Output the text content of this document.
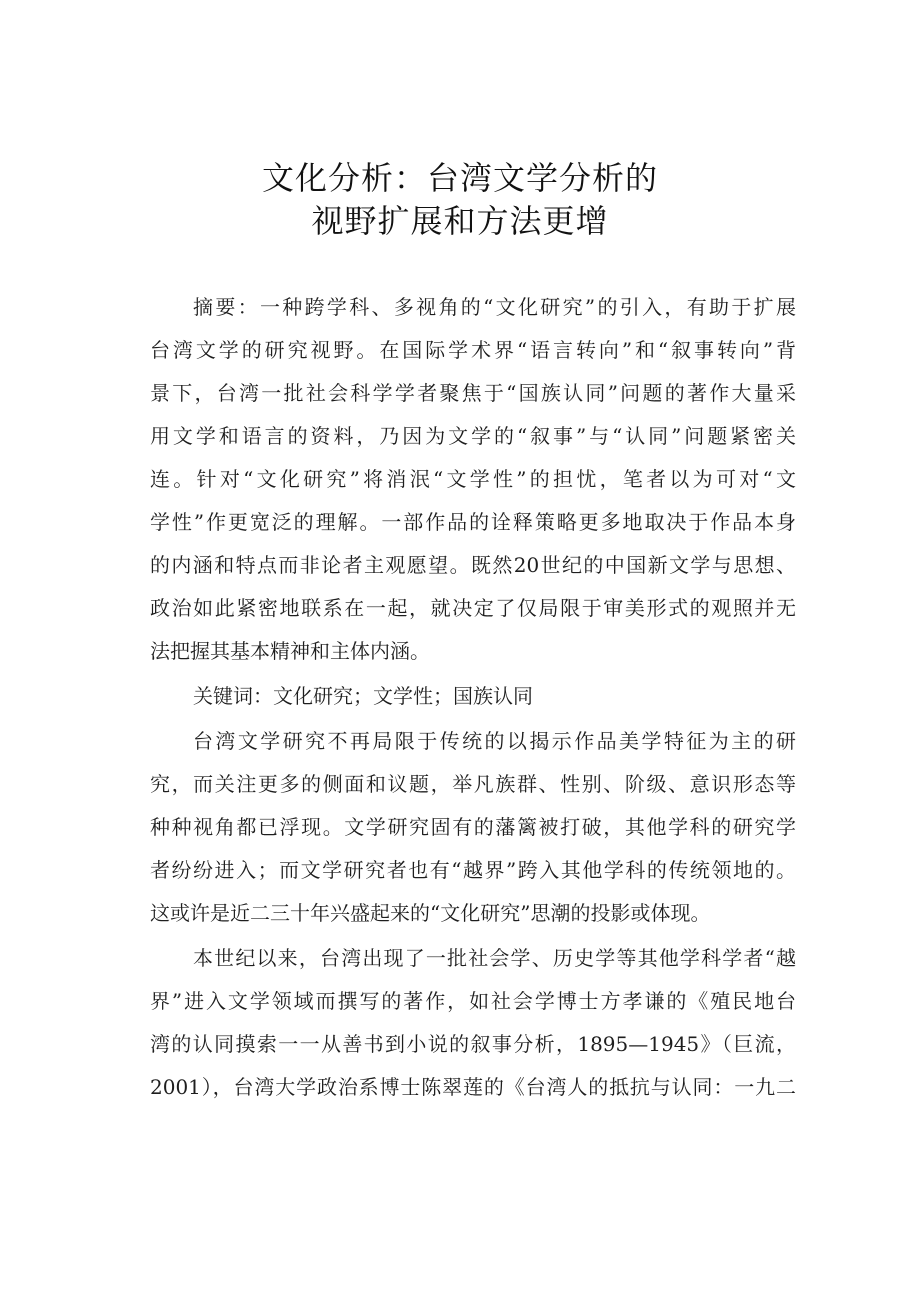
文化分析：台湾文学分析的
视野扩展和方法更增
摘要：一种跨学科、多视角的“文化研究”的引入，有助于扩展
台湾文学的研究视野。在国际学术界“语言转向”和“叙事转向”背
景下，台湾一批社会科学学者聚焦于“国族认同”问题的著作大量采
用文学和语言的资料，乃因为文学的“叙事”与“认同”问题紧密关
连。针对“文化研究”将消泯“文学性”的担忧，笔者以为可对“文
学性”作更宽泛的理解。一部作品的诠释策略更多地取决于作品本身
的内涵和特点而非论者主观愿望。既然20世纪的中国新文学与思想、
政治如此紧密地联系在一起，就决定了仅局限于审美形式的观照并无
法把握其基本精神和主体内涵。
关键词：文化研究；文学性；国族认同
台湾文学研究不再局限于传统的以揭示作品美学特征为主的研
究，而关注更多的侧面和议题，举凡族群、性别、阶级、意识形态等
种种视角都已浮现。文学研究固有的藩篱被打破，其他学科的研究学
者纷纷进入；而文学研究者也有“越界”跨入其他学科的传统领地的。
这或许是近二三十年兴盛起来的“文化研究”思潮的投影或体现。
本世纪以来，台湾出现了一批社会学、历史学等其他学科学者“越
界”进入文学领域而撰写的著作，如社会学博士方孝谦的《殖民地台
湾的认同摸索一一从善书到小说的叙事分析，1895—1945》（巨流，
2001），台湾大学政治系博士陈翠莲的《台湾人的抵抗与认同：一九二
